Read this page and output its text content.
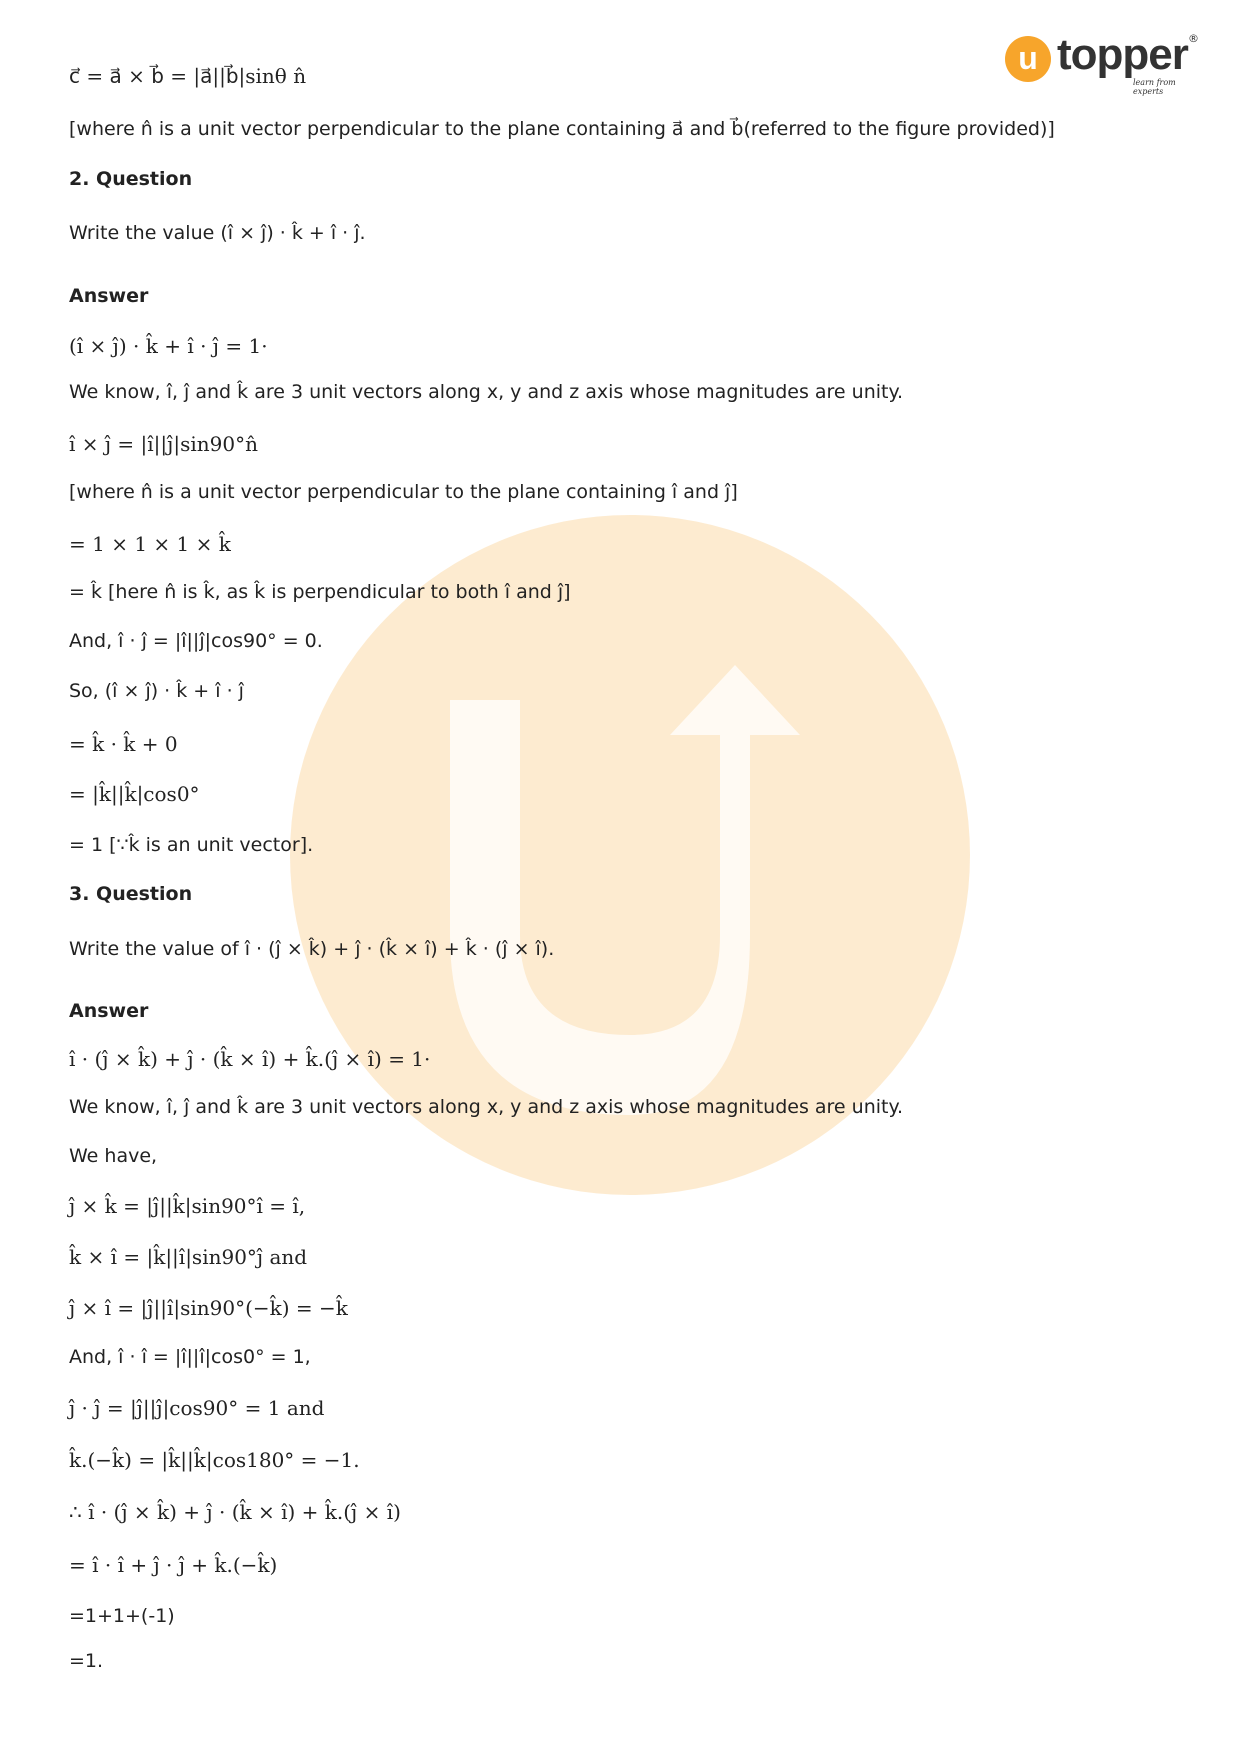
u topper ®
learn from experts
c⃗ = a⃗ × b⃗ = |a⃗||b⃗|sinθ n̂
[where n̂ is a unit vector perpendicular to the plane containing a⃗ and b⃗(referred to the figure provided)]
2. Question
Write the value (î × ĵ) · k̂ + î · ĵ.
Answer
(î × ĵ) · k̂ + î · ĵ = 1·
We know, î, ĵ and k̂ are 3 unit vectors along x, y and z axis whose magnitudes are unity.
î × ĵ = |î||ĵ|sin90°n̂
[where n̂ is a unit vector perpendicular to the plane containing î and ĵ]
= 1 × 1 × 1 × k̂
= k̂ [here n̂ is k̂, as k̂ is perpendicular to both î and ĵ]
And, î · ĵ = |î||ĵ|cos90° = 0.
So, (î × ĵ) · k̂ + î · ĵ
= k̂ · k̂ + 0
= |k̂||k̂|cos0°
= 1 [∵k̂ is an unit vector].
3. Question
Write the value of î · (ĵ × k̂) + ĵ · (k̂ × î) + k̂ · (ĵ × î).
Answer
î · (ĵ × k̂) + ĵ · (k̂ × î) + k̂.(ĵ × î) = 1·
We know, î, ĵ and k̂ are 3 unit vectors along x, y and z axis whose magnitudes are unity.
We have,
ĵ × k̂ = |ĵ||k̂|sin90°î = î,
k̂ × î = |k̂||î|sin90°ĵ and
ĵ × î = |ĵ||î|sin90°(−k̂) = −k̂
And, î · î = |î||î|cos0° = 1,
ĵ · ĵ = |ĵ||ĵ|cos90° = 1 and
k̂.(−k̂) = |k̂||k̂|cos180° = −1.
∴ î · (ĵ × k̂) + ĵ · (k̂ × î) + k̂.(ĵ × î)
= î · î + ĵ · ĵ + k̂.(−k̂)
=1+1+(-1)
=1.
